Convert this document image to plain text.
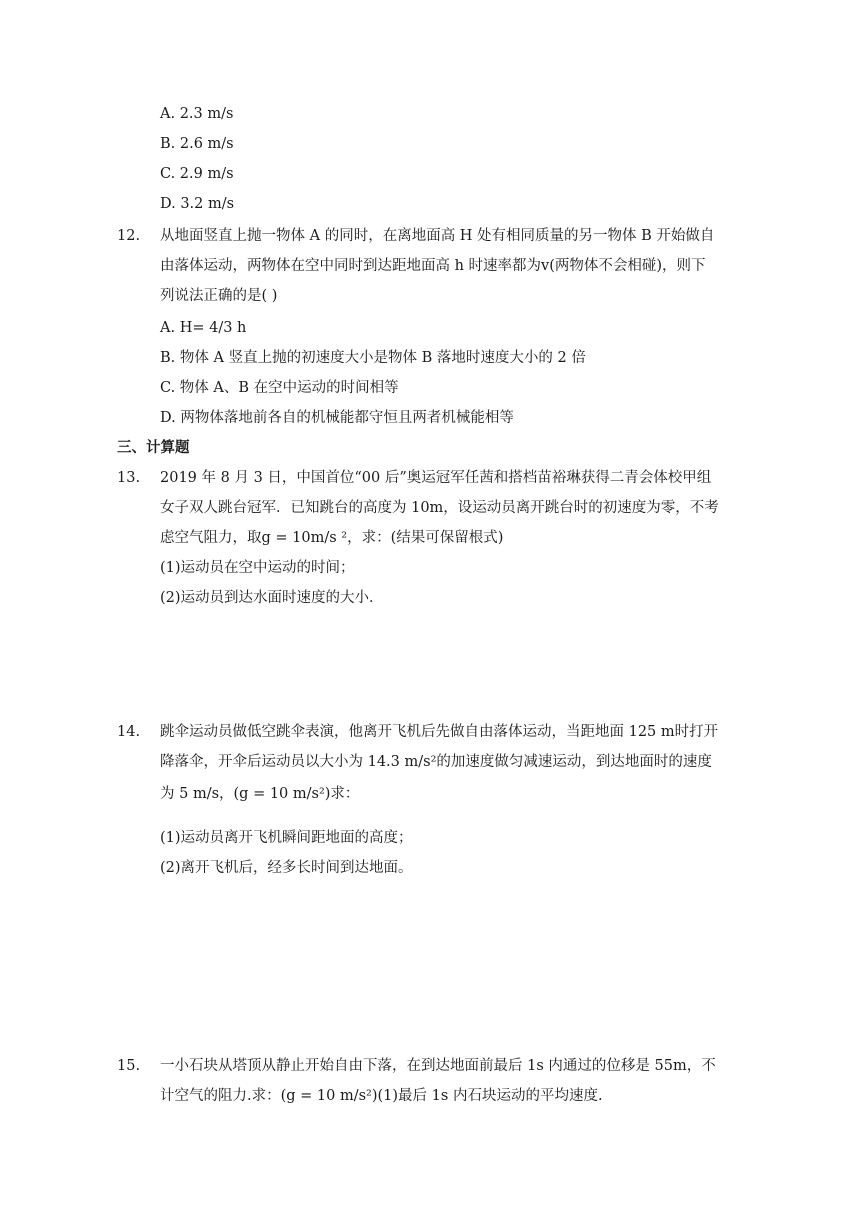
A. 2.3 m/s
B. 2.6 m/s
C. 2.9 m/s
D. 3.2 m/s
12. 从地面竖直上抛一物体 A 的同时，在离地面高 H 处有相同质量的另一物体 B 开始做自
由落体运动，两物体在空中同时到达距地面高 h 时速率都为v(两物体不会相碰)，则下
列说法正确的是( )
A. H= 4/3 h
B. 物体 A 竖直上抛的初速度大小是物体 B 落地时速度大小的 2 倍
C. 物体 A、B 在空中运动的时间相等
D. 两物体落地前各自的机械能都守恒且两者机械能相等
三、计算题
13. 2019 年 8 月 3 日，中国首位“00 后”奥运冠军任茜和搭档苗裕琳获得二青会体校甲组
女子双人跳台冠军．已知跳台的高度为 10m，设运动员离开跳台时的初速度为零，不考
虑空气阻力，取g = 10m/s ²，求：(结果可保留根式)
(1)运动员在空中运动的时间；
(2)运动员到达水面时速度的大小．
14. 跳伞运动员做低空跳伞表演，他离开飞机后先做自由落体运动，当距地面 125 m时打开
降落伞，开伞后运动员以大小为 14.3 m/s²的加速度做匀减速运动，到达地面时的速度
为 5 m/s，(g = 10 m/s²)求：
(1)运动员离开飞机瞬间距地面的高度；
(2)离开飞机后，经多长时间到达地面。
15. 一小石块从塔顶从静止开始自由下落，在到达地面前最后 1s 内通过的位移是 55m，不
计空气的阻力.求：(g = 10 m/s²)(1)最后 1s 内石块运动的平均速度.
